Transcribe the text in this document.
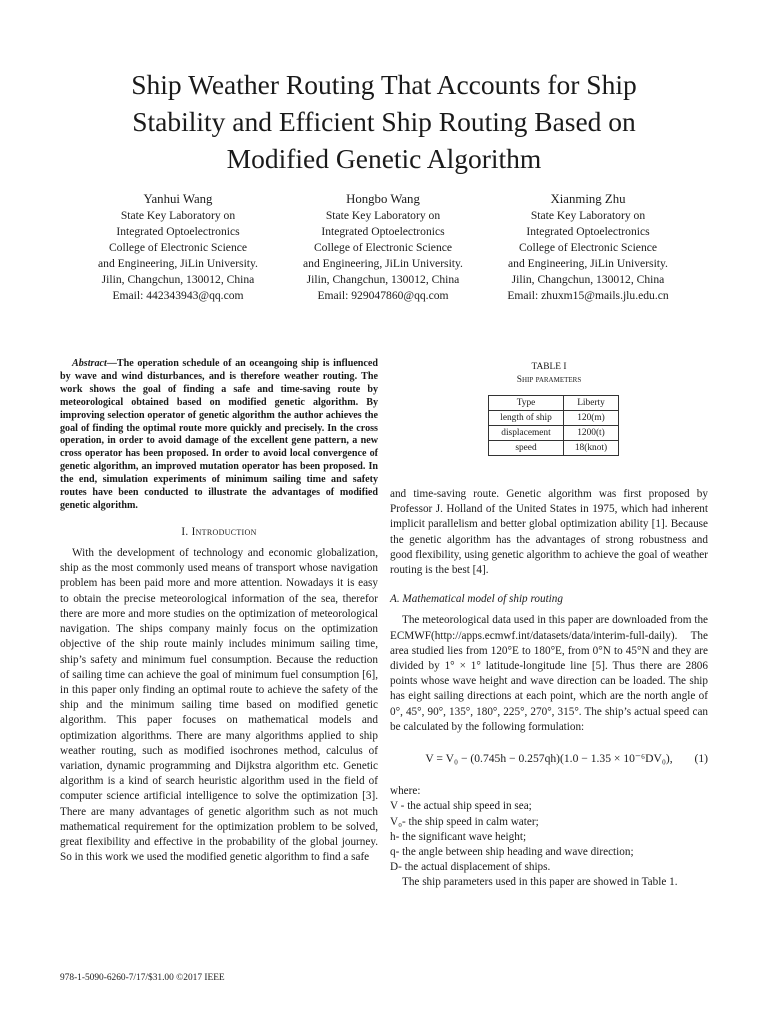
Ship Weather Routing That Accounts for Ship
Stability and Efficient Ship Routing Based on
Modified Genetic Algorithm
Yanhui Wang
State Key Laboratory on
Integrated Optoelectronics
College of Electronic Science
and Engineering, JiLin University.
Jilin, Changchun, 130012, China
Email: 442343943@qq.com
Hongbo Wang
State Key Laboratory on
Integrated Optoelectronics
College of Electronic Science
and Engineering, JiLin University.
Jilin, Changchun, 130012, China
Email: 929047860@qq.com
Xianming Zhu
State Key Laboratory on
Integrated Optoelectronics
College of Electronic Science
and Engineering, JiLin University.
Jilin, Changchun, 130012, China
Email: zhuxm15@mails.jlu.edu.cn

Abstract—The operation schedule of an oceangoing ship is influenced by wave and wind disturbances, and is therefore weather routing. The work shows the goal of finding a safe and time-saving route by meteorological obtained based on modified genetic algorithm. By improving selection operator of genetic algorithm the author achieves the goal of finding the optimal route more quickly and precisely. In the cross operation, in order to avoid damage of the excellent gene pattern, a new cross operator has been proposed. In order to avoid local convergence of genetic algorithm, an improved mutation operator has been proposed. In the end, simulation experiments of minimum sailing time and safety routes have been conducted to illustrate the advantages of modified genetic algorithm.

I. Introduction

With the development of technology and economic globalization, ship as the most commonly used means of transport whose navigation problem has been paid more and more attention. Nowadays it is easy to obtain the precise meteorological information of the sea, therefor there are more and more studies on the optimization of meteorological navigation. The ships company mainly focus on the optimization objective of the ship route mainly includes minimum sailing time, ship’s safety and minimum fuel consumption. Because the reduction of sailing time can achieve the goal of minimum fuel consumption [6], in this paper only finding an optimal route to achieve the safety of the ship and the minimum sailing time based on modified genetic algorithm. This paper focuses on mathematical models and optimization algorithms. There are many algorithms applied to ship weather routing, such as modified isochrones method, calculus of variation, dynamic programming and Dijkstra algorithm etc. Genetic algorithm is a kind of search heuristic algorithm used in the field of computer science artificial intelligence to solve the optimization [3]. There are many advantages of genetic algorithm such as not much mathematical requirement for the optimization problem to be solved, great flexibility and effective in the probability of the global journey. So in this work we used the modified genetic algorithm to find a safe

TABLE I
Ship parameters
Type	Liberty
length of ship	120(m)
displacement	1200(t)
speed	18(knot)

and time-saving route. Genetic algorithm was first proposed by Professor J. Holland of the United States in 1975, which had inherent implicit parallelism and better global optimization ability [1]. Because the genetic algorithm has the advantages of strong robustness and good flexibility, using genetic algorithm to achieve the goal of weather routing is the best [4].

A. Mathematical model of ship routing

The meteorological data used in this paper are downloaded from the ECMWF(http://apps.ecmwf.int/datasets/data/interim-full-daily). The area studied lies from 120°E to 180°E, from 0°N to 45°N and they are divided by 1° × 1° latitude-longitude line [5]. Thus there are 2806 points whose wave height and wave direction can be loaded. The ship has eight sailing directions at each point, which are the north angle of 0°, 45°, 90°, 135°, 180°, 225°, 270°, 315°. The ship’s actual speed can be calculated by the following formulation:

V = V₀ − (0.745h − 0.257qh)(1.0 − 1.35 × 10⁻⁶DV₀), (1)

where:

V - the actual ship speed in sea;

V₀- the ship speed in calm water;

h- the significant wave height;

q- the angle between ship heading and wave direction;

D- the actual displacement of ships.

The ship parameters used in this paper are showed in Table 1.

978-1-5090-6260-7/17/$31.00 ©2017 IEEE
